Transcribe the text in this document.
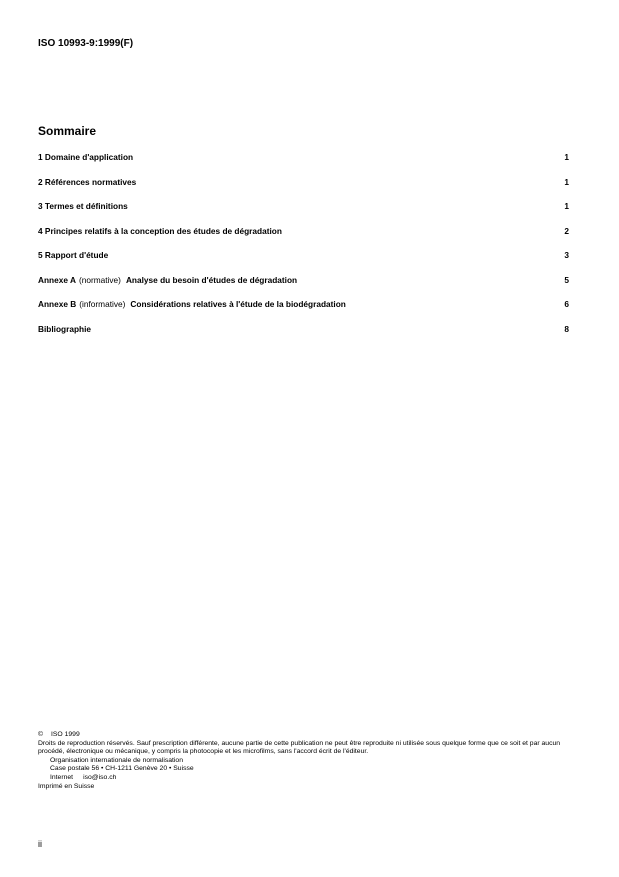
ISO 10993-9:1999(F)
Sommaire
1 Domaine d'application	1
2 Références normatives	1
3 Termes et définitions	1
4 Principes relatifs à la conception des études de dégradation	2
5 Rapport d'étude	3
Annexe A (normative) Analyse du besoin d'études de dégradation	5
Annexe B (informative) Considérations relatives à l'étude de la biodégradation	6
Bibliographie	8
© ISO 1999
Droits de reproduction réservés. Sauf prescription différente, aucune partie de cette publication ne peut être reproduite ni utilisée sous quelque forme que ce soit et par aucun procédé, électronique ou mécanique, y compris la photocopie et les microfilms, sans l'accord écrit de l'éditeur.
Organisation internationale de normalisation
Case postale 56 • CH-1211 Genève 20 • Suisse
Internet iso@iso.ch
Imprimé en Suisse
ii
